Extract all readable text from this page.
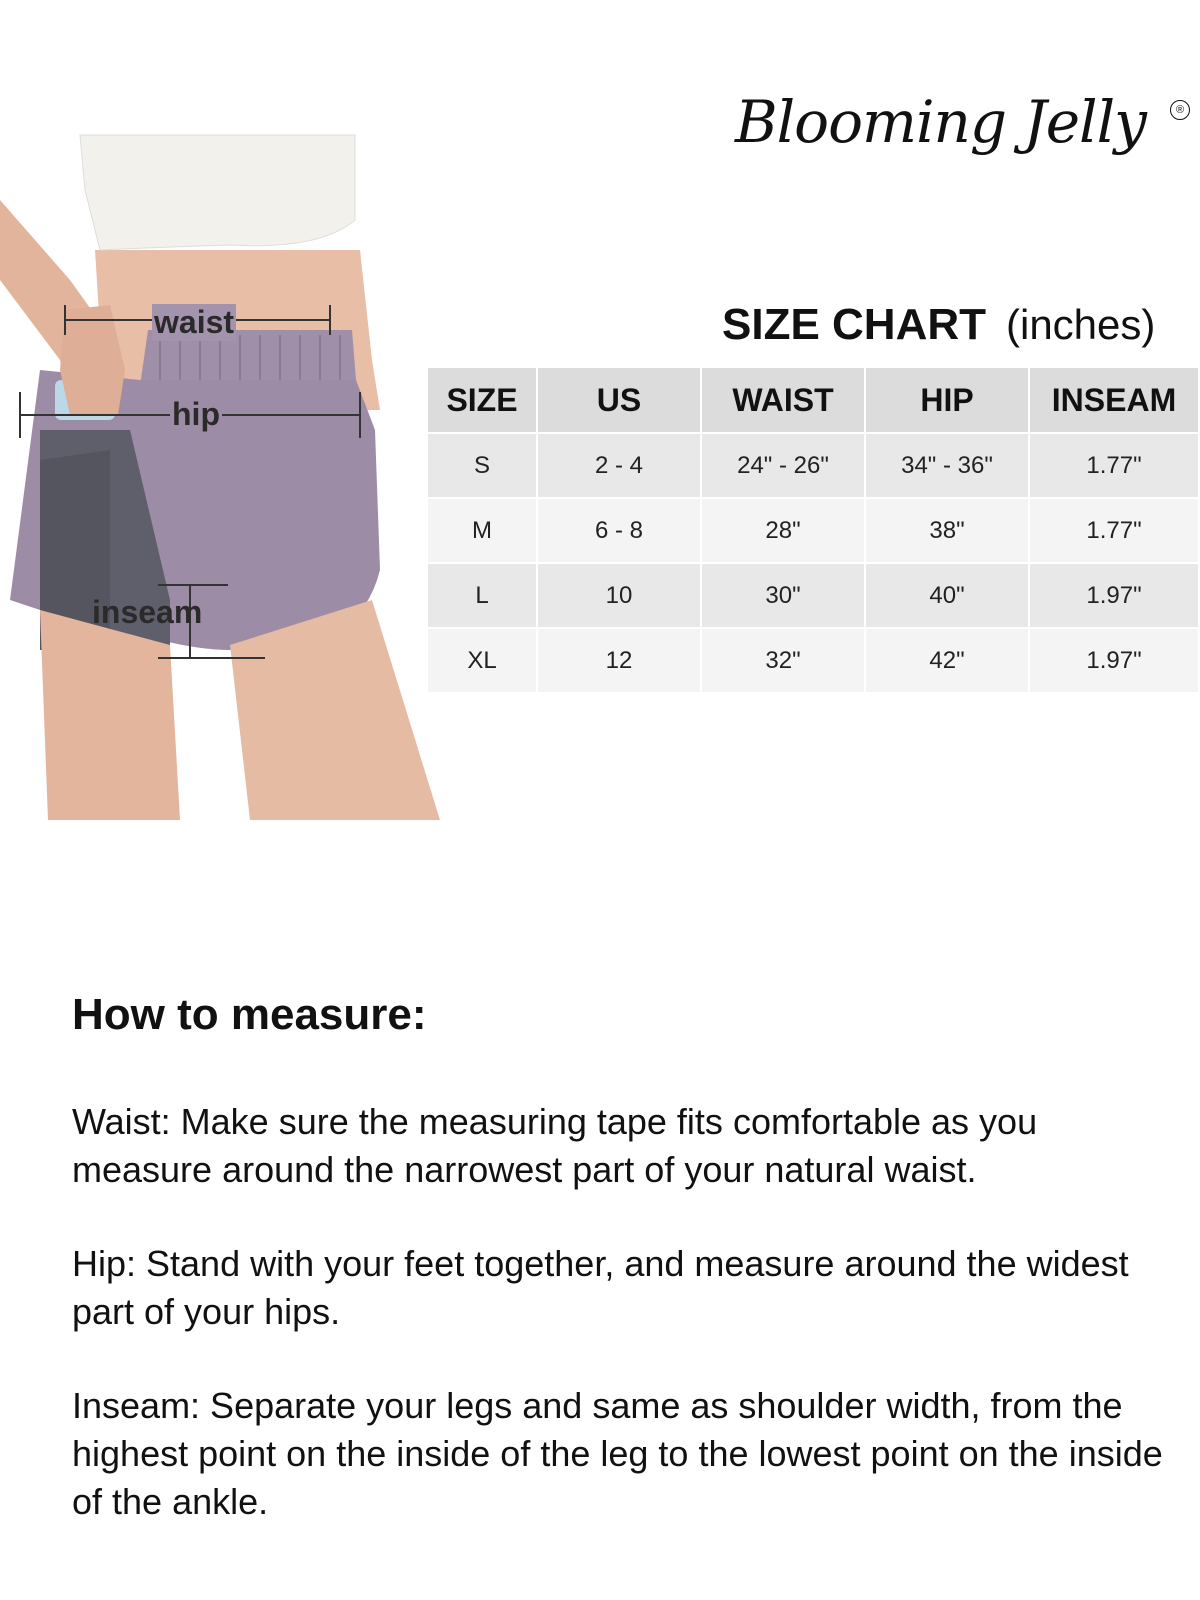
Blooming Jelly	®
waist
hip
inseam
SIZE CHART (inches)
SIZE	US	WAIST	HIP	INSEAM
S	2 - 4	24" - 26"	34" - 36"	1.77"
M	6 - 8	28"	38"	1.77"
L	10	30"	40"	1.97"
XL	12	32"	42"	1.97"
How to measure:
Waist: Make sure the measuring tape fits comfortable as you measure around the narrowest part of your natural waist.
Hip: Stand with your feet together, and measure around the widest part of your hips.
Inseam: Separate your legs and same as shoulder width, from the highest point on the inside of the leg to the lowest point on the inside of the ankle.
